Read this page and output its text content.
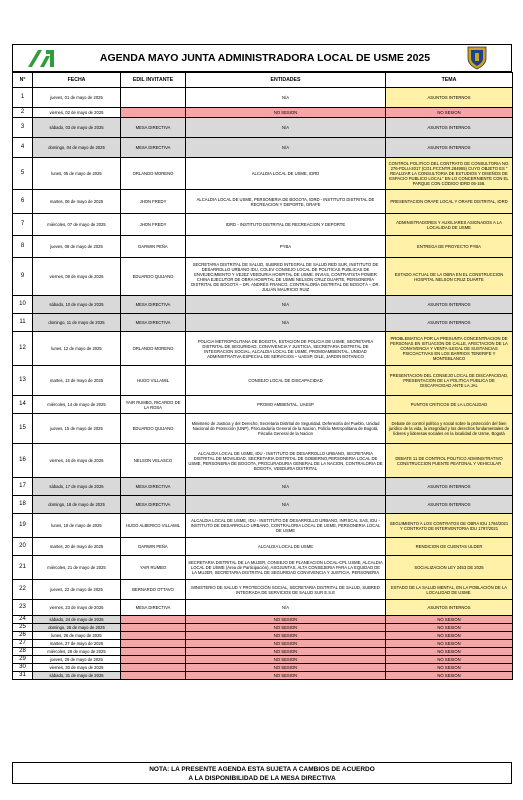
AGENDA MAYO JUNTA ADMINISTRADORA LOCAL DE USME 2025
N°	FECHA	EDIL INVITANTE	ENTIDADES	TEMA
1	jueves, 01 de mayo de 2025		N/A	ASUNTOS INTERNOS
2	viernes, 02 de mayo de 2025		NO SESION	NO SESION
3	sábado, 03 de mayo de 2025	MESA DIRECTIVA	N/A	ASUNTOS INTERNOS
4	domingo, 04 de mayo de 2025	MESA DIRECTIVA	N/A	ASUNTOS INTERNOS
5	lunes, 05 de mayo de 2025	ORLANDO MORENO	ALCALDIA LOCAL DE USME, IDRD	CONTROL POLITICO DEL CONTRATO DE CONSULTORIA NO. 276-FDLU-2017 (CO1.PCCNTR.284955) CUYO OBJETO ES " REALIZAR LA CONSULTORIA DE ESTUDIOS Y DISEÑOS DE ESPACIO PUBLICO LOCAL" EN LO CONCERNIENTE CON EL PARQUE CON CÓDIGO IDRD 05-158.
6	martes, 06 de mayo de 2025	JHON FREDY	ALCALDIA LOCAL DE USME, PERSONERIA DE BOGOTA, IDRD - INSTITUTO DISTRITAL DE RECREACION Y DEPORTE, ORAFE	PRESENTACION ORAFE LOCAL Y ORAFE DISTRITAL, IDRD
7	miércoles, 07 de mayo de 2025	JHON FREDY	IDRD - INSTITUTO DISTRITAL DE RECREACION Y DEPORTE	ADMINISTRADORES Y AUXILIARES ASIGNADOS A LA LOCALIDAD DE USME
8	jueves, 08 de mayo de 2025	DARWIN PEÑA	PYBA	ENTREGA DE PROYECTO PYBA
9	viernes, 09 de mayo de 2025	EDUARDO QUIJANO	SECRETARIA DISTRITAL DE SALUD, SUBRED INTEGRAL DE SALUD RED SUR, INSTITUTO DE DESARROLLO URBANO IDU, COLEV CONSEJO LOCAL DE POLITICAS PUBLICAS DE ENVEJECIMIENTO Y VEJEZ VEEDURIA HOSPITAL DE USME. INVIAS, CONTRATISTA POWER CHINA EJECUTOR DE OBRA HOSPITAL DE USME NELSON CRUZ DUARTE, PERSONERÍA DISTRITAL DE BOGOTÁ – DR. ANDRÉS FRANCO, CONTRALORÍA DISTRITAL DE BOGOTÁ – DR. JULIÁN MAURICIO RUIZ	ESTADO ACTUAL DE LA OBRA EN EL CONSTRUCCION HOSPITAL NELSON CRUZ DUARTE
10	sábado, 10 de mayo de 2025	MESA DIRECTIVA	N/A	ASUNTOS INTERNOS
11	domingo, 11 de mayo de 2025	MESA DIRECTIVA	N/A	ASUNTOS INTERNOS
12	lunes, 12 de mayo de 2025	ORLANDO MORENO	POLICIA METROPOLITANA DE BOGOTA, ESTACION DE POLICIA DE USME, SECRETARIA DISTRITAL DE SEGURIDAD, CONVIVENCIA Y JUSTICIA, SECRETARIA DISTRITAL DE INTEGRACION SOCIAL, ALCALDIA LOCAL DE USME, PROMOAMBIENTAL, UNIDAD ADMINISTRATIVA ESPECIAL DE SERVICIOS – UAESP, DILE, JARDIN BOTANICO	PROBLEMATICA POR LA PRESUNTA CONCENTRACION DE PERSONAS EN SITUACION DE CALLE, AFECTACION DE LA CONVIVENCIA Y VENTA ILEGAL DE SUSTANCIAS PSICOACTIVAS EN LOS BARRIOS TENERIFE Y MONTEBLANCO
13	martes, 13 de mayo de 2025	HUGO VILLAMIL	CONSEJO LOCAL DE DISCAPACIDAD	PRESENTACION DEL CONSEJO LOCAL DE DISCAPACIDAD, PRESENTACION DE LA POLITICA PUBLICA DE DISCAPACIDAD ANTE LA JAL
14	miércoles, 14 de mayo de 2025	YAIR RUMBO, RICARDO DE LA ROSA	PROMO AMBIENTAL, UAESP	PUNTOS CRITICOS DE LA LOCALIDAD
15	jueves, 15 de mayo de 2025	EDUARDO QUIJANO	Ministerio de Justicia y del Derecho, Secretaria Distrital de Seguridad, Defensoría del Pueblo, Unidad Nacional de Protección (UNP), Procuraduría General de la Nacion, Policía Metropolitana de Bogotá, Fiscalía General de la Nacion	Debate de control político y social sobre la protección del bien jurídico de la vida, la integridad y los derechos fundamentales de líderes y lideresas sociales en la localidad de Usme, Bogotá
16	viernes, 16 de mayo de 2025	NELSON VELASCO	ALCALDIA LOCAL DE USME, IDU - INSTITUTO DE DESARROLLO URBANO, SECRETARIA DISTRITAL DE MOVILIDAD, SECRETARIA DISTRITAL DE GOBIERNO,PERSONERIA LOCAL DE USME, PERSONERIA DE BOGOTA, PROCURADURIA GENERAL DE LA NACION, CONTRALORIA DE BOGOTA, VEEDURIA DISTRITAL	DEBATE 11 DE CONTROL POLITICO ADMINISTRATIVO CONSTRUCCION PUENTE PEATONAL Y VEHICULAR
17	sábado, 17 de mayo de 2025	MESA DIRECTIVA	N/A	ASUNTOS INTERNOS
18	domingo, 18 de mayo de 2025	MESA DIRECTIVA	N/A	ASUNTOS INTERNOS
19	lunes, 19 de mayo de 2025	HUGO ALBERICO VILLAMIL	ALCALDIA LOCAL DE USME, IDU - INSTITUTO DE DESARROLLO URBANO, INFISCAL SAS, IDU - INSTITUTO DE DESARROLLO URBANO, CONTRALORIA LOCAL DE USME, PERSONERIA LOCAL DE USME	SEGUIMIENTO A LOS CONTRATOS DE OBRA IDU 1784/2021 Y CONTRATO DE INTERVENTORIA IDU 1797/2021
20	martes, 20 de mayo de 2025	DARWIN PEÑA	ALCALDIA LOCAL DE USME	RENDICION DE CUENTAS ULDER
21	miércoles, 21 de mayo de 2025	YAIR RUMBO	SECRETARIA DISTRITAL DE LA MUJER, CONSEJO DE PLANEACION LOCAL-CPL USME, ALCALDIA LOCAL DE USME (Área de Participación), ASOJUNTAS, ALTA CONSEJERIA PARA LA EQUIDAD DE LA MUJER, SECRETARIA DISTRITAL DE SEGURIDAD CONVIVENCIA Y JUSTICIA, PERSONERIA	SOCIALIZACION LEY 2453 DE 2025
22	jueves, 22 de mayo de 2025	BERNARDO OTTAVO	MINISTERIO DE SALUD Y PROTECCIÓN SOCIAL, SECRETARIA DISTRITAL DE SALUD, SUBRED INTEGRADA DE SERVICIOS DE SALUD SUR E.S.E	ESTADO DE LA SALUD MENTAL, EN LA POBLACIÓN DE LA LOCALIDAD DE USME.
23	viernes, 23 de mayo de 2025	MESA DIRECTIVA	N/A	ASUNTOS INTERNOS
24	sábado, 24 de mayo de 2025		NO SESION	NO SESION
25	domingo, 25 de mayo de 2025		NO SESION	NO SESION
26	lunes, 26 de mayo de 2025		NO SESION	NO SESION
27	martes, 27 de mayo de 2025		NO SESION	NO SESION
28	miércoles, 28 de mayo de 2025		NO SESION	NO SESION
29	jueves, 29 de mayo de 2025		NO SESION	NO SESION
30	viernes, 30 de mayo de 2025		NO SESION	NO SESION
31	sábado, 31 de mayo de 2025		NO SESION	NO SESION
NOTA: LA PRESENTE AGENDA ESTA SUJETA A CAMBIOS DE ACUERDO
A LA DISPONIBILIDAD DE LA MESA DIRECTIVA
